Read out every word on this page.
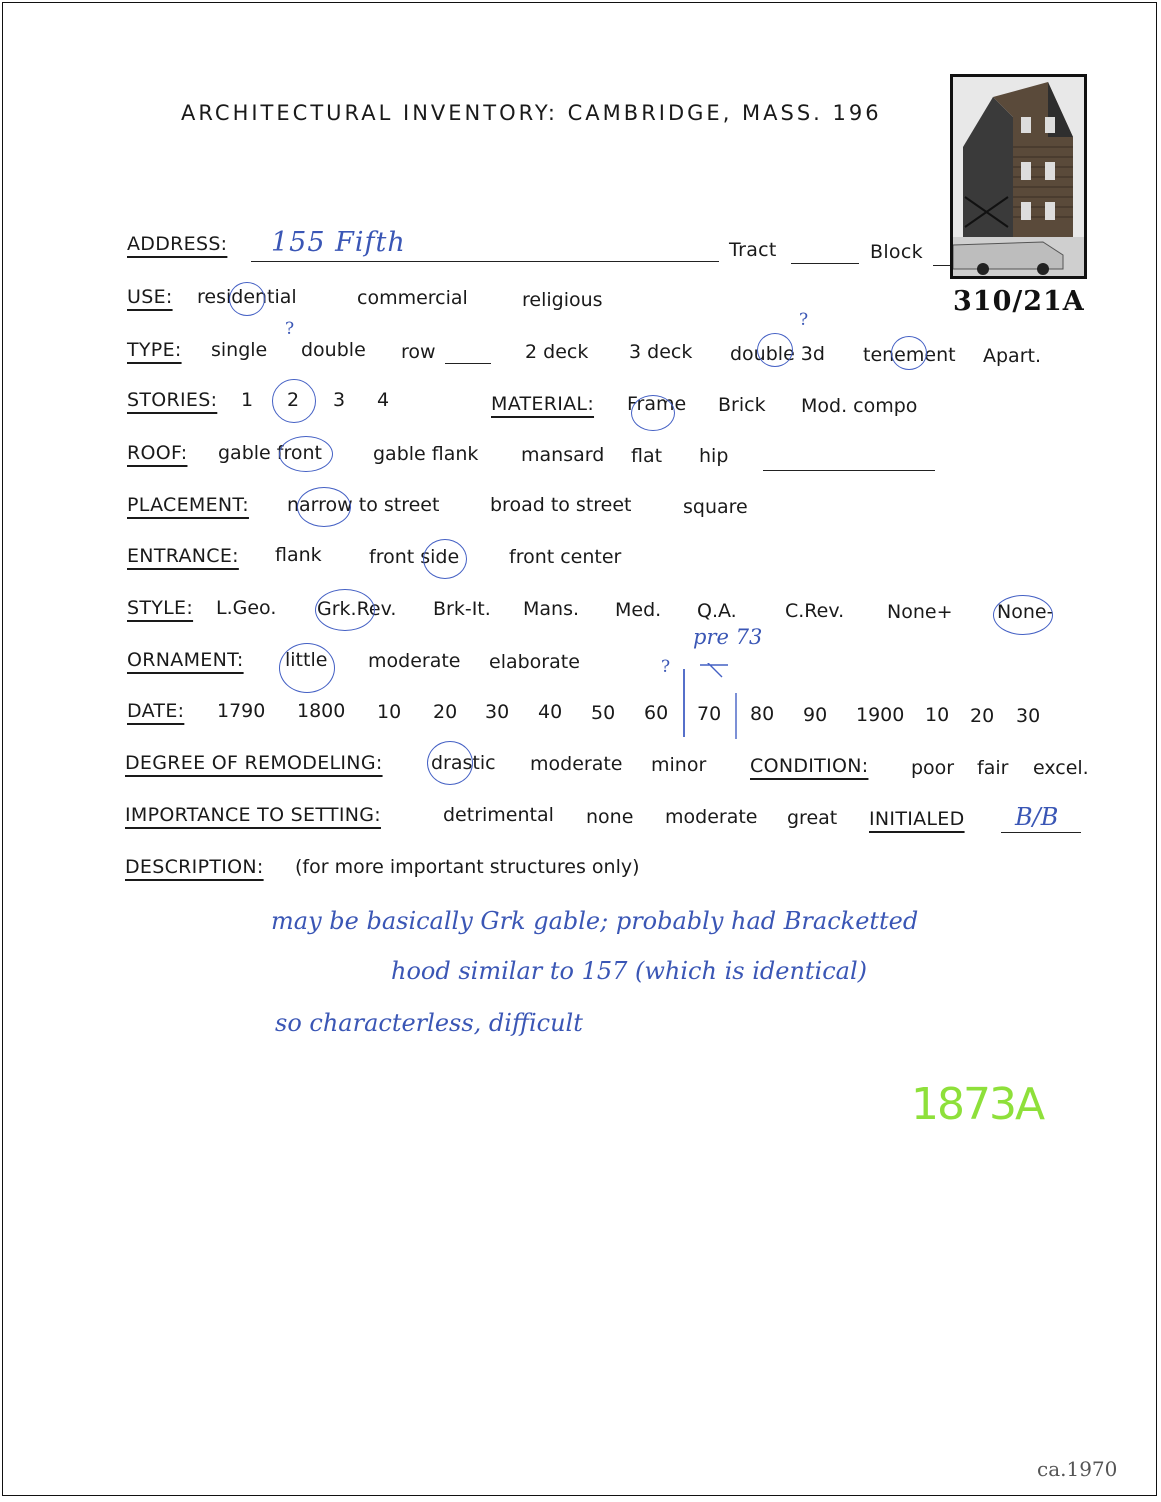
ARCHITECTURAL INVENTORY: CAMBRIDGE, MASS. 196
ADDRESS: 155 Fifth	Tract	Block
310/21A
USE: residential	commercial	religious
TYPE: single double row	2 deck 3 deck double 3d tenement Apart.
?	?
STORIES: 1 2 3 4	MATERIAL: Frame Brick Mod. compo
ROOF: gable front	gable flank mansard flat hip
PLACEMENT: narrow to street	broad to street	square
ENTRANCE: flank front side	front center
STYLE: L.Geo. Grk.Rev. Brk-It. Mans. Med. Q.A.	C.Rev. None+ None-
ORNAMENT: little moderate elaborate
pre 73
?
DATE: 1790 1800 10 20 30 40 50 60 70 80 90 1900 10 20 30
DEGREE OF REMODELING:	drastic moderate minor CONDITION: poor fair excel.
IMPORTANCE TO SETTING:	detrimental none moderate great INITIALED B/B
DESCRIPTION: (for more important structures only)
may be basically Grk gable; probably had Bracketted
hood similar to 157 (which is identical)
so characterless, difficult
1873A
ca.1970
